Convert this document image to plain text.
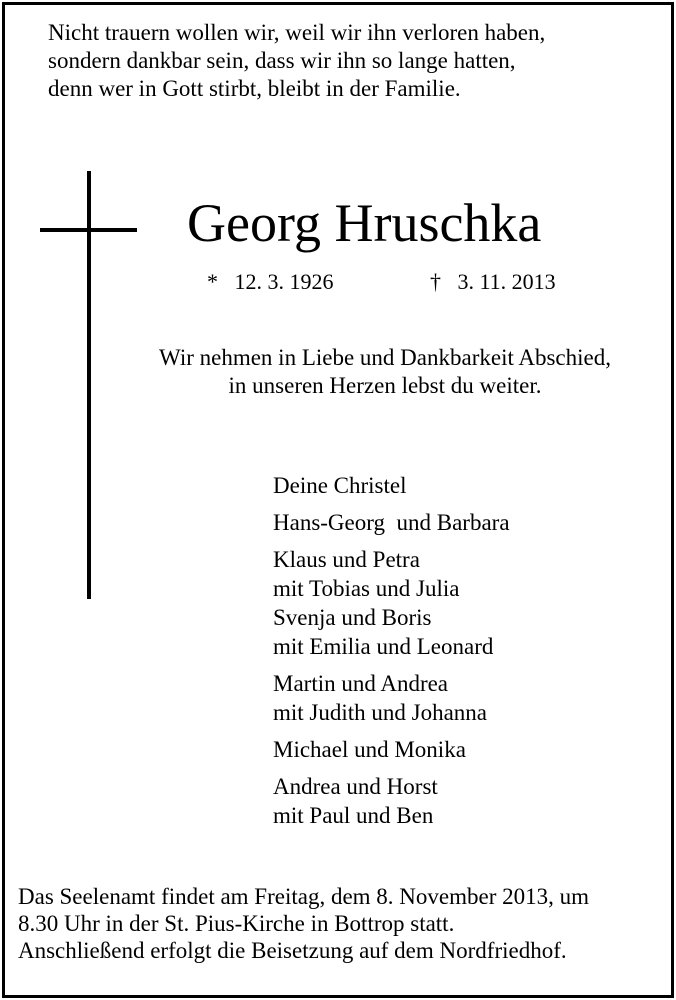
Nicht trauern wollen wir, weil wir ihn verloren haben,
sondern dankbar sein, dass wir ihn so lange hatten,
denn wer in Gott stirbt, bleibt in der Familie.
Georg Hruschka
*   12. 3. 1926	†   3. 11. 2013
Wir nehmen in Liebe und Dankbarkeit Abschied,
in unseren Herzen lebst du weiter.
Deine Christel
Hans-Georg  und Barbara
Klaus und Petra
mit Tobias und Julia
Svenja und Boris
mit Emilia und Leonard
Martin und Andrea
mit Judith und Johanna
Michael und Monika
Andrea und Horst
mit Paul und Ben
Das Seelenamt findet am Freitag, dem 8. November 2013, um
8.30 Uhr in der St. Pius-Kirche in Bottrop statt.
Anschließend erfolgt die Beisetzung auf dem Nordfriedhof.
